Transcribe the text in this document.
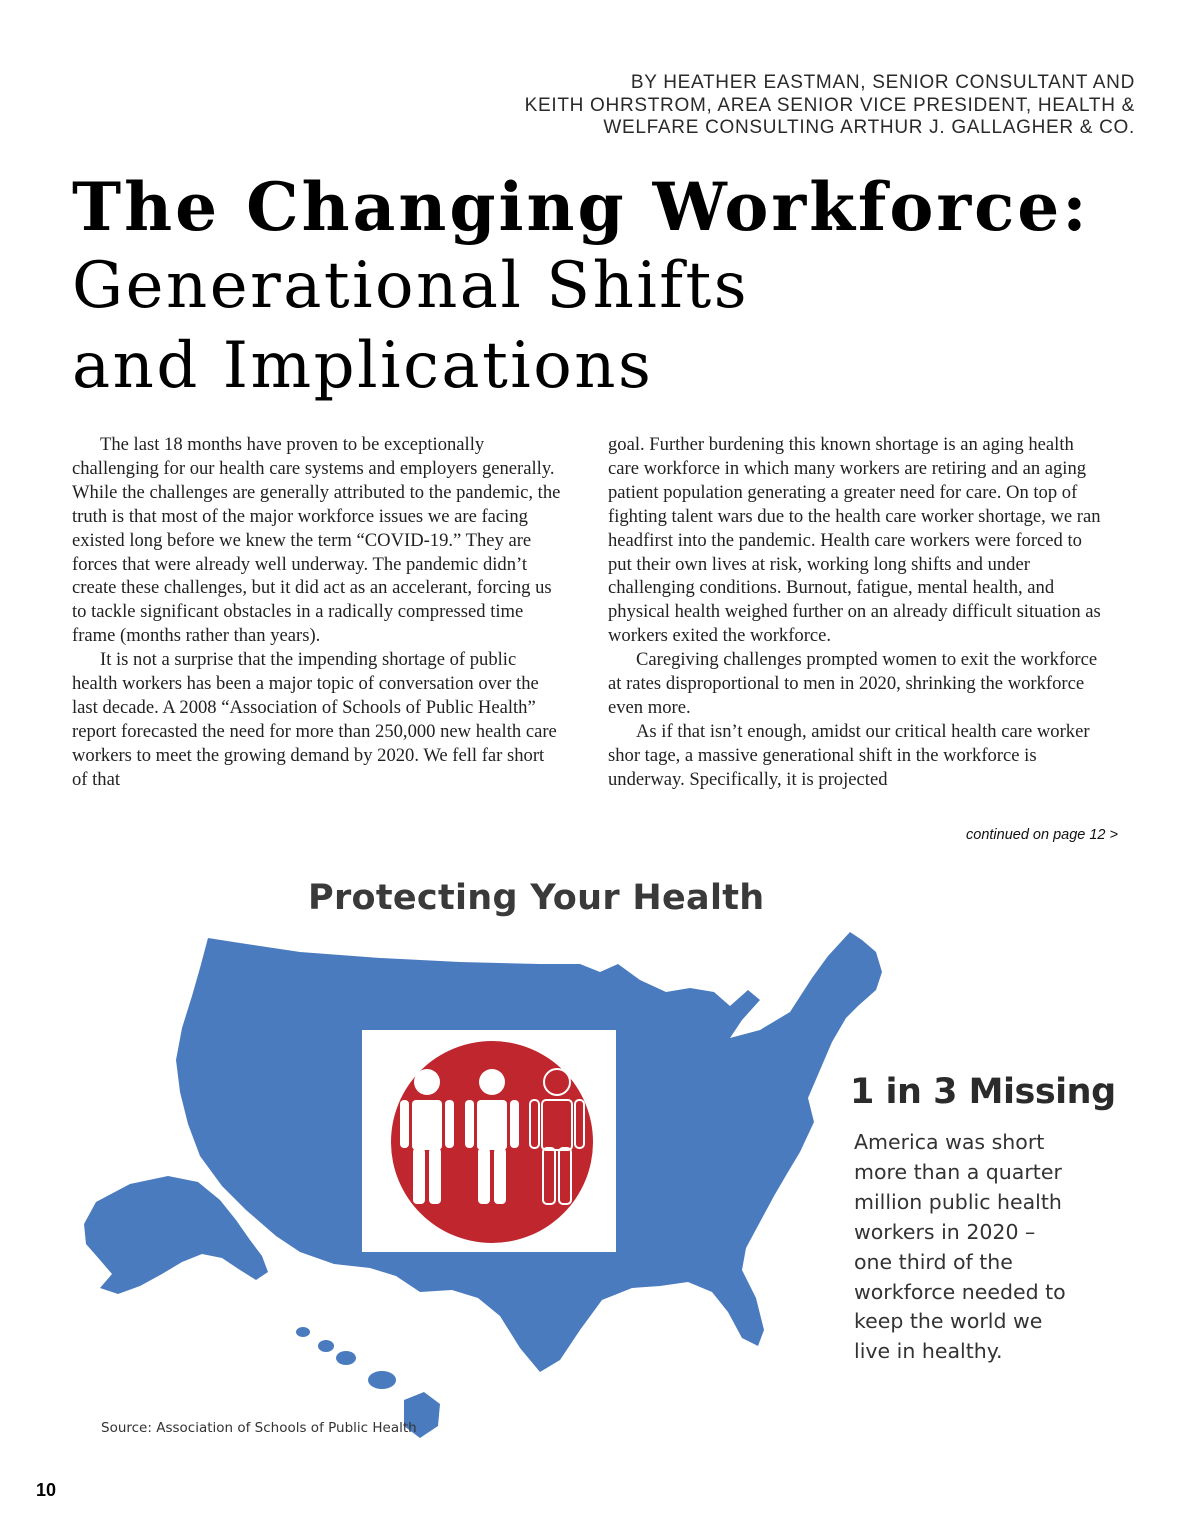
BY HEATHER EASTMAN, SENIOR CONSULTANT AND
KEITH OHRSTROM, AREA SENIOR VICE PRESIDENT, HEALTH &
WELFARE CONSULTING ARTHUR J. GALLAGHER & CO.
The Changing Workforce:
Generational Shifts
and Implications

The last 18 months have proven to be exceptionally challenging for our health care systems and employers generally. While the challenges are generally attributed to the pandemic, the truth is that most of the major workforce issues we are facing existed long before we knew the term “COVID-19.” They are forces that were already well underway. The pandemic didn’t create these challenges, but it did act as an accelerant, forcing us to tackle significant obstacles in a radically compressed time frame (months rather than years).

It is not a surprise that the impending shortage of public health workers has been a major topic of conversation over the last decade. A 2008 “Association of Schools of Public Health” report forecasted the need for more than 250,000 new health care workers to meet the growing demand by 2020. We fell far short of that

goal. Further burdening this known shortage is an aging health care workforce in which many workers are retiring and an aging patient population generating a greater need for care. On top of fighting talent wars due to the health care worker shortage, we ran headfirst into the pandemic. Health care workers were forced to put their own lives at risk, working long shifts and under challenging conditions. Burnout, fatigue, mental health, and physical health weighed further on an already difficult situation as workers exited the workforce.

Caregiving challenges prompted women to exit the workforce at rates disproportional to men in 2020, shrinking the workforce even more.

As if that isn’t enough, amidst our critical health care worker shor tage, a massive generational shift in the workforce is underway. Specifically, it is projected

continued on page 12 >
Protecting Your Health
1 in 3 Missing
America was short
more than a quarter
million public health
workers in 2020 –
one third of the
workforce needed to
keep the world we
live in healthy.
Source: Association of Schools of Public Health
10
